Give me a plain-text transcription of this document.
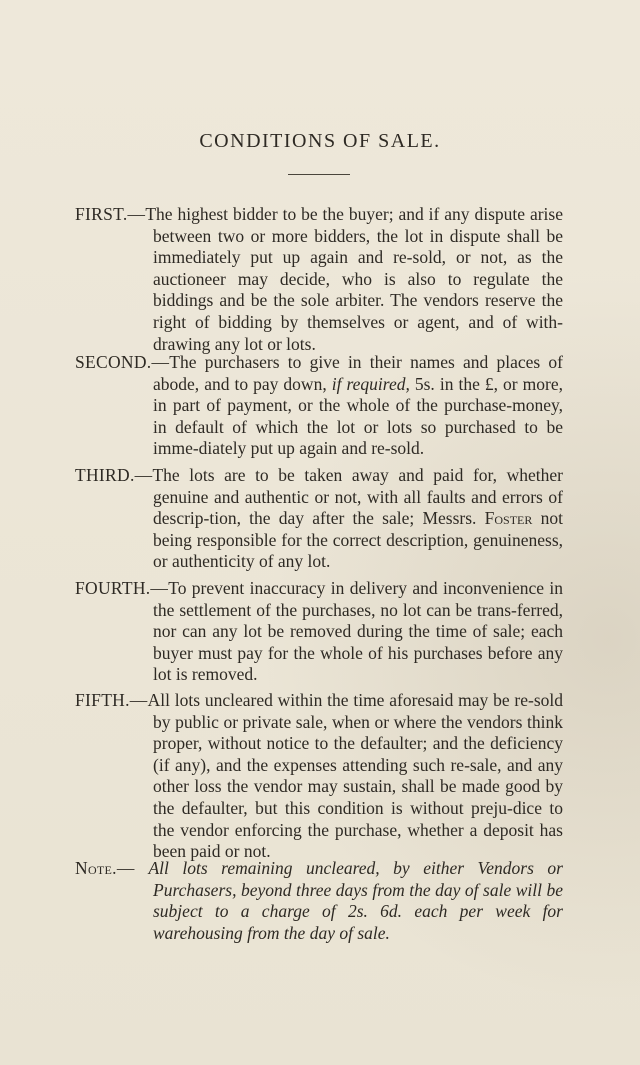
CONDITIONS OF SALE.

FIRST.—The highest bidder to be the buyer; and if any dispute arise between two or more bidders, the lot in dispute shall be immediately put up again and re-sold, or not, as the auctioneer may decide, who is also to regulate the biddings and be the sole arbiter. The vendors reserve the right of bidding by themselves or agent, and of with-drawing any lot or lots.

SECOND.—The purchasers to give in their names and places of abode, and to pay down, if required, 5s. in the £, or more, in part of payment, or the whole of the purchase-money, in default of which the lot or lots so purchased to be imme-diately put up again and re-sold.

THIRD.—The lots are to be taken away and paid for, whether genuine and authentic or not, with all faults and errors of descrip-tion, the day after the sale; Messrs. Foster not being responsible for the correct description, genuineness, or authenticity of any lot.

FOURTH.—To prevent inaccuracy in delivery and inconvenience in the settlement of the purchases, no lot can be trans-ferred, nor can any lot be removed during the time of sale; each buyer must pay for the whole of his purchases before any lot is removed.

FIFTH.—All lots uncleared within the time aforesaid may be re-sold by public or private sale, when or where the vendors think proper, without notice to the defaulter; and the deficiency (if any), and the expenses attending such re-sale, and any other loss the vendor may sustain, shall be made good by the defaulter, but this condition is without preju-dice to the vendor enforcing the purchase, whether a deposit has been paid or not.

Note.— All lots remaining uncleared, by either Vendors or Purchasers, beyond three days from the day of sale will be subject to a charge of 2s. 6d. each per week for warehousing from the day of sale.
